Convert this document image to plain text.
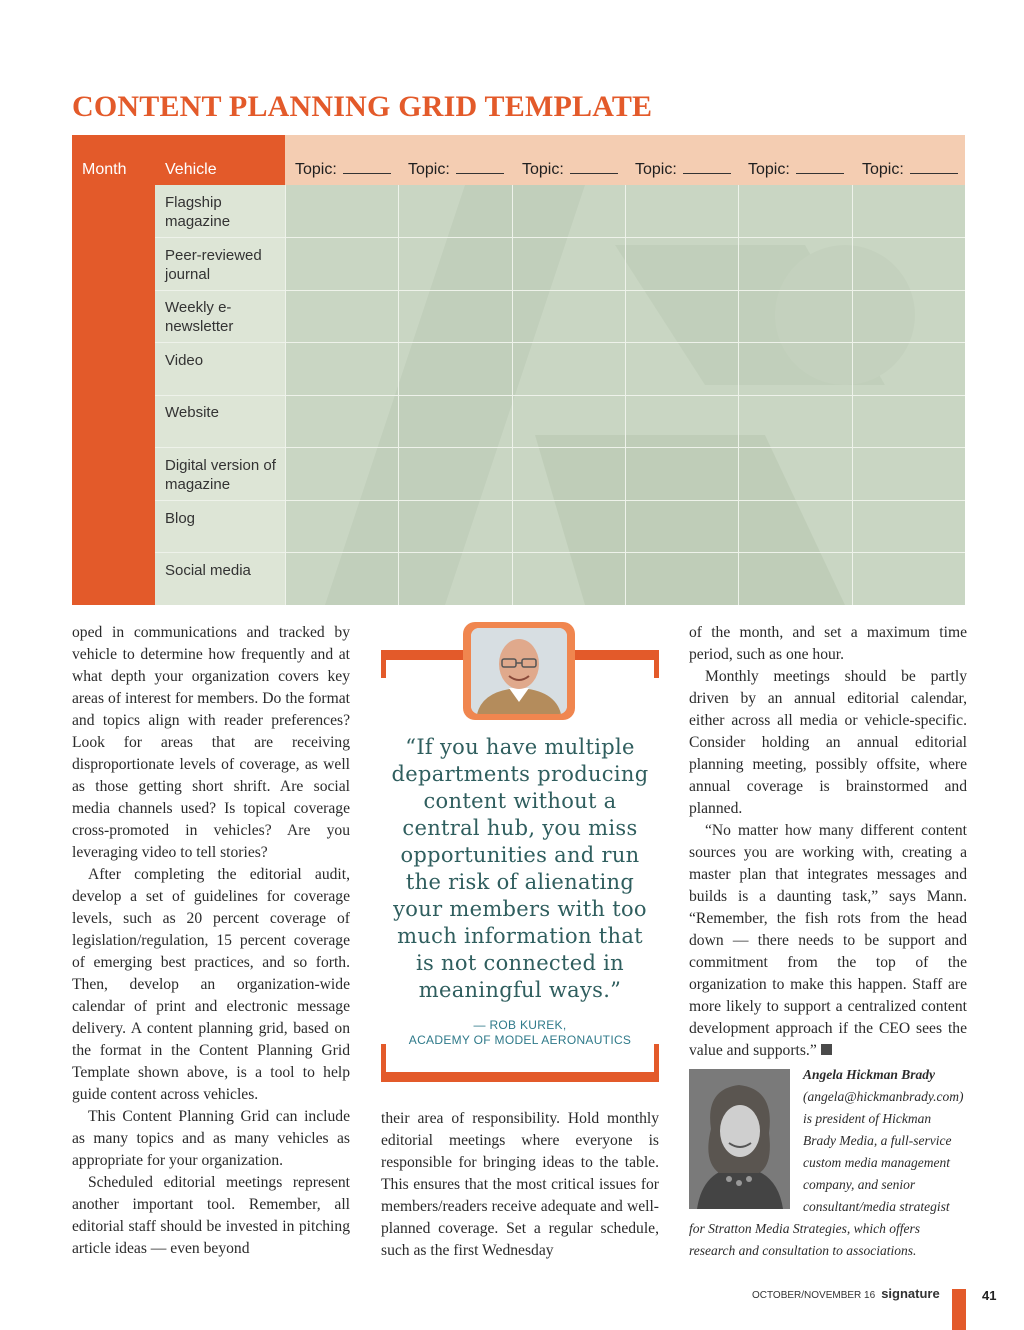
CONTENT PLANNING GRID TEMPLATE
Month Vehicle	Topic:	Topic:	Topic:	Topic:	Topic:	Topic:
Flagship magazine
Peer-reviewed journal
Weekly e-newsletter
Video
Website
Digital version of magazine
Blog
Social media

oped in communications and tracked by vehicle to determine how frequently and at what depth your organization covers key areas of interest for members. Do the format and topics align with reader preferences? Look for areas that are receiving disproportionate levels of coverage, as well as those getting short shrift. Are social media channels used? Is topical coverage cross-promoted in vehicles? Are you leveraging video to tell stories?

After completing the editorial audit, develop a set of guidelines for coverage levels, such as 20 percent coverage of legislation/regulation, 15 percent coverage of emerging best practices, and so forth. Then, develop an organization-wide calendar of print and electronic message delivery. A content planning grid, based on the format in the Content Planning Grid Template shown above, is a tool to help guide content across vehicles.

This Content Planning Grid can include as many topics and as many vehicles as appropriate for your organization.

Scheduled editorial meetings represent another important tool. Remember, all editorial staff should be invested in pitching article ideas — even beyond

“If you have multiple departments producing content without a central hub, you miss opportunities and run the risk of alienating your members with too much information that is not connected in meaningful ways.”

— ROB KUREK,
ACADEMY OF MODEL AERONAUTICS

their area of responsibility. Hold monthly editorial meetings where everyone is responsible for bringing ideas to the table. This ensures that the most critical issues for members/readers receive adequate and well-planned coverage. Set a regular schedule, such as the first Wednesday

of the month, and set a maximum time period, such as one hour.

Monthly meetings should be partly driven by an annual editorial calendar, either across all media or vehicle-specific. Consider holding an annual editorial planning meeting, possibly offsite, where annual coverage is brainstormed and planned.

“No matter how many different content sources you are working with, creating a master plan that integrates messages and builds is a daunting task,” says Mann. “Remember, the fish rots from the head down — there needs to be support and commitment from the top of the organization to make this happen. Staff are more likely to support a centralized content development approach if the CEO sees the value and supports.”

Angela Hickman Brady
(angela@hickmanbrady.com)
is president of Hickman
Brady Media, a full-service
custom media management
company, and senior
consultant/media strategist
for Stratton Media Strategies, which offers
research and consultation to associations.
OCTOBER/NOVEMBER 16 signature	41
